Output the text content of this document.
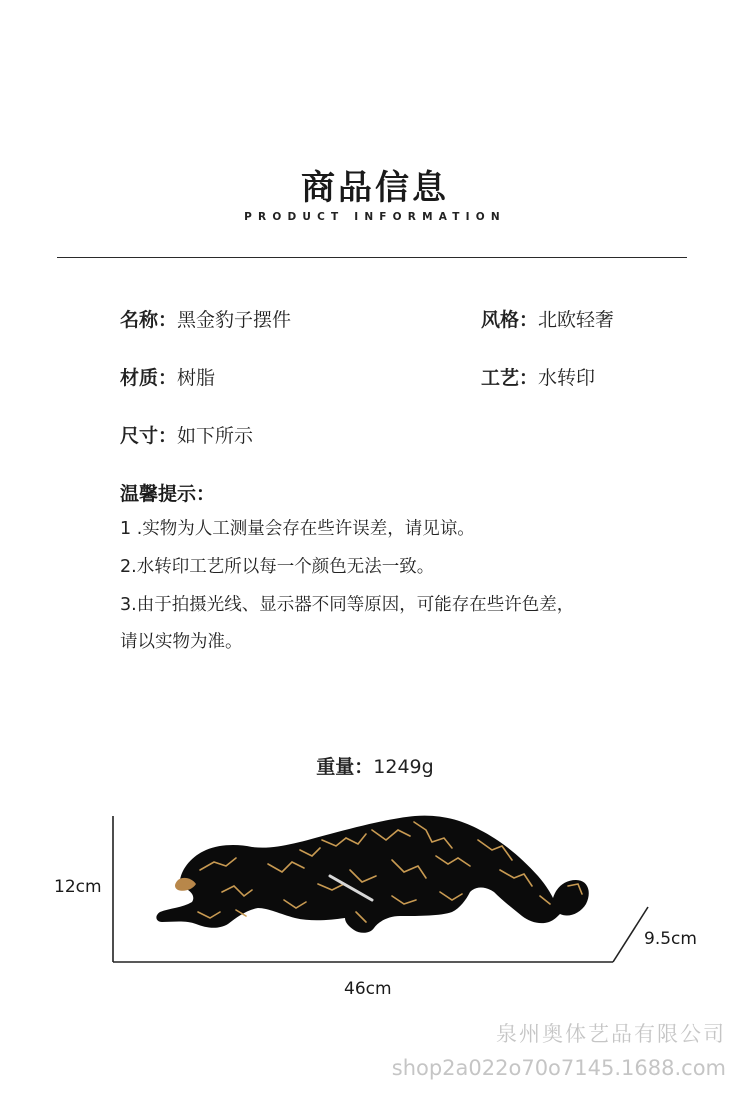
商品信息
PRODUCT INFORMATION
名称：黑金豹子摆件	风格：北欧轻奢
材质：树脂	工艺：水转印
尺寸：如下所示
温馨提示：
1 .实物为人工测量会存在些许误差，请见谅。
2.水转印工艺所以每一个颜色无法一致。
3.由于拍摄光线、显示器不同等原因，可能存在些许色差，
请以实物为准。
重量：1249g
12cm
46cm
9.5cm
泉州奥体艺品有限公司
shop2a022o70o7145.1688.com
